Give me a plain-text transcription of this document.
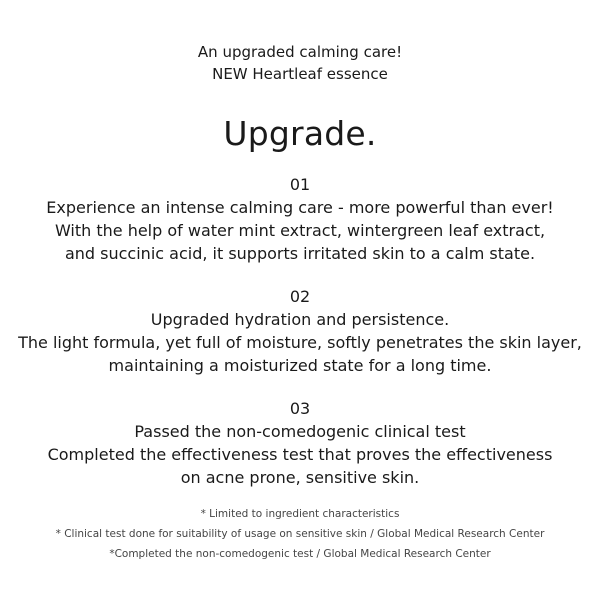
An upgraded calming care!
NEW Heartleaf essence
Upgrade.
01
Experience an intense calming care - more powerful than ever!
With the help of water mint extract, wintergreen leaf extract,
and succinic acid, it supports irritated skin to a calm state.
02
Upgraded hydration and persistence.
The light formula, yet full of moisture, softly penetrates the skin layer,
maintaining a moisturized state for a long time.
03
Passed the non-comedogenic clinical test
Completed the effectiveness test that proves the effectiveness
on acne prone, sensitive skin.
* Limited to ingredient characteristics
* Clinical test done for suitability of usage on sensitive skin / Global Medical Research Center
*Completed the non-comedogenic test / Global Medical Research Center
